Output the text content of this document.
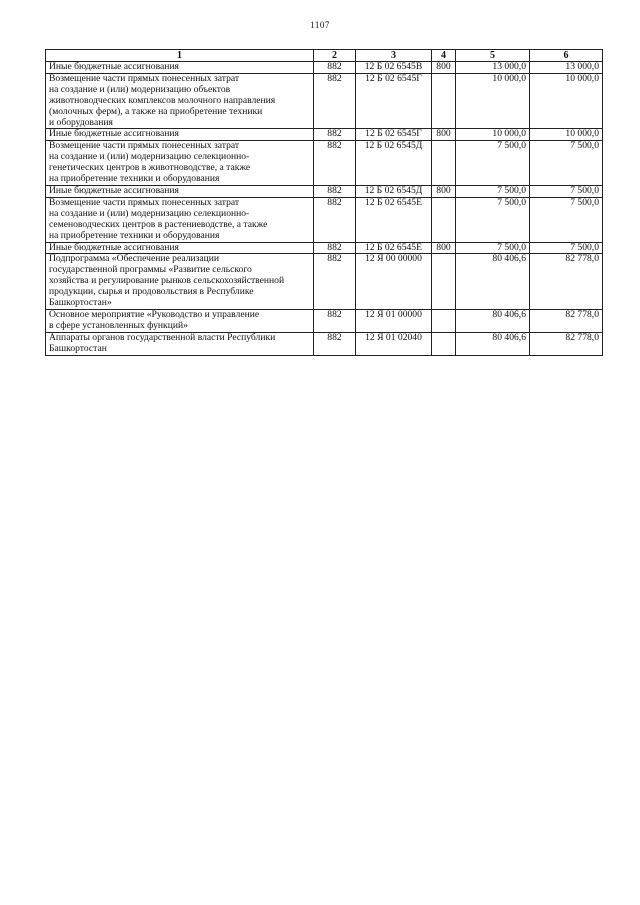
1107
1	2	3	4	5	6

Иные бюджетные ассигнования	882	12 Б 02 6545В	800	13 000,0	13 000,0

Возмещение части прямых понесенных затрат
на создание и (или) модернизацию объектов
животноводческих комплексов молочного направления
(молочных ферм), а также на приобретение техники
и оборудования	882	12 Б 02 6545Г		10 000,0	10 000,0

Иные бюджетные ассигнования	882	12 Б 02 6545Г	800	10 000,0	10 000,0

Возмещение части прямых понесенных затрат
на создание и (или) модернизацию селекционно-
генетических центров в животноводстве, а также
на приобретение техники и оборудования	882	12 Б 02 6545Д		7 500,0	7 500,0

Иные бюджетные ассигнования	882	12 Б 02 6545Д	800	7 500,0	7 500,0

Возмещение части прямых понесенных затрат
на создание и (или) модернизацию селекционно-
семеноводческих центров в растениеводстве, а также
на приобретение техники и оборудования	882	12 Б 02 6545Е		7 500,0	7 500,0

Иные бюджетные ассигнования	882	12 Б 02 6545Е	800	7 500,0	7 500,0

Подпрограмма «Обеспечение реализации
государственной программы «Развитие сельского
хозяйства и регулирование рынков сельскохозяйственной
продукции, сырья и продовольствия в Республике
Башкортостан»	882	12 Я 00 00000		80 406,6	82 778,0

Основное мероприятие «Руководство и управление
в сфере установленных функций»	882	12 Я 01 00000		80 406,6	82 778,0

Аппараты органов государственной власти Республики
Башкортостан	882	12 Я 01 02040		80 406,6	82 778,0
